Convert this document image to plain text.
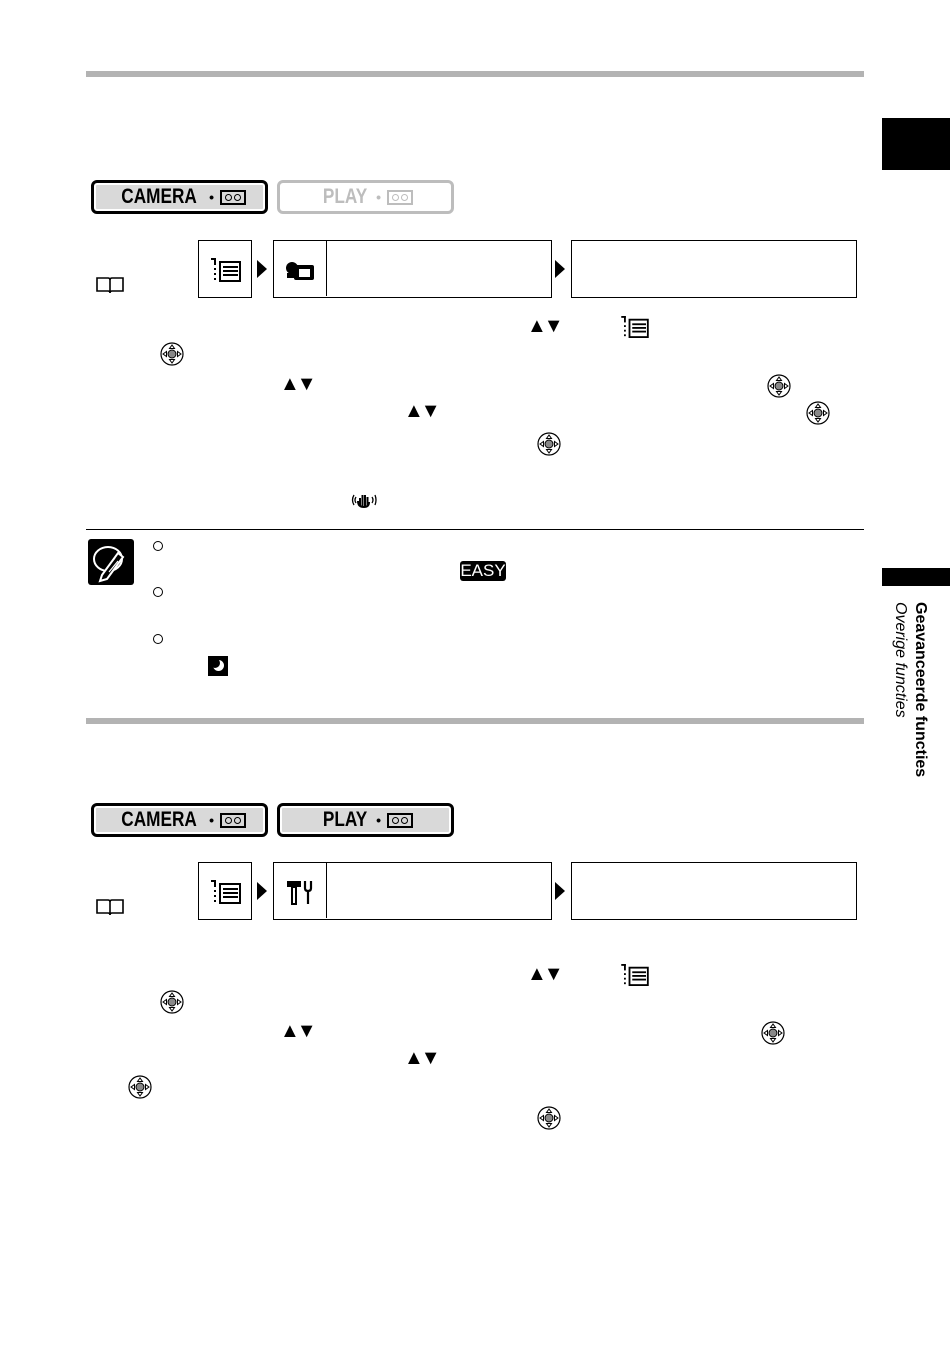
Geavanceerde functies
Overige functies
CAMERA •	PLAY •
▲▼
▲▼
▲▼
EASY
CAMERA •	PLAY •
▲▼
▲▼
▲▼
